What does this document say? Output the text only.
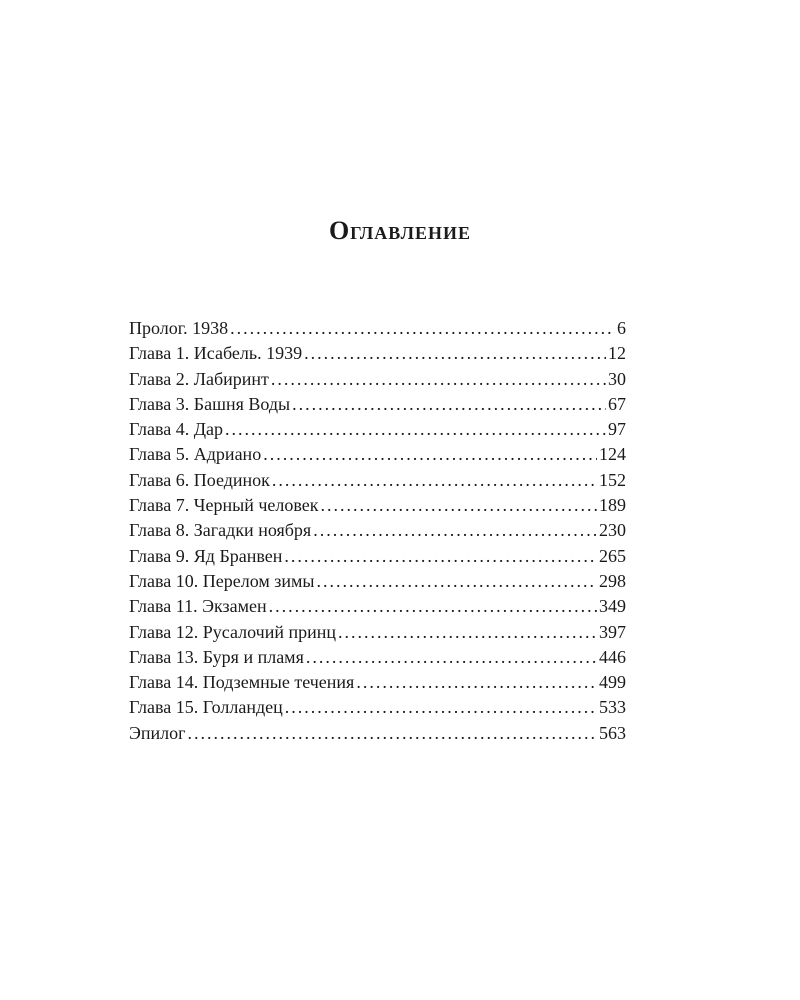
Оглавление
Пролог. 1938 . . .	6
Глава 1. Исабель. 1939 . . .	12
Глава 2. Лабиринт . . .	30
Глава 3. Башня Воды . . .	67
Глава 4. Дар . . .	97
Глава 5. Адриано . . .	124
Глава 6. Поединок . . .	152
Глава 7. Черный человек . . .	189
Глава 8. Загадки ноября . . .	230
Глава 9. Яд Бранвен . . .	265
Глава 10. Перелом зимы . . .	298
Глава 11. Экзамен . . .	349
Глава 12. Русалочий принц . . .	397
Глава 13. Буря и пламя . . .	446
Глава 14. Подземные течения . . .	499
Глава 15. Голландец . . .	533
Эпилог . . .	563
